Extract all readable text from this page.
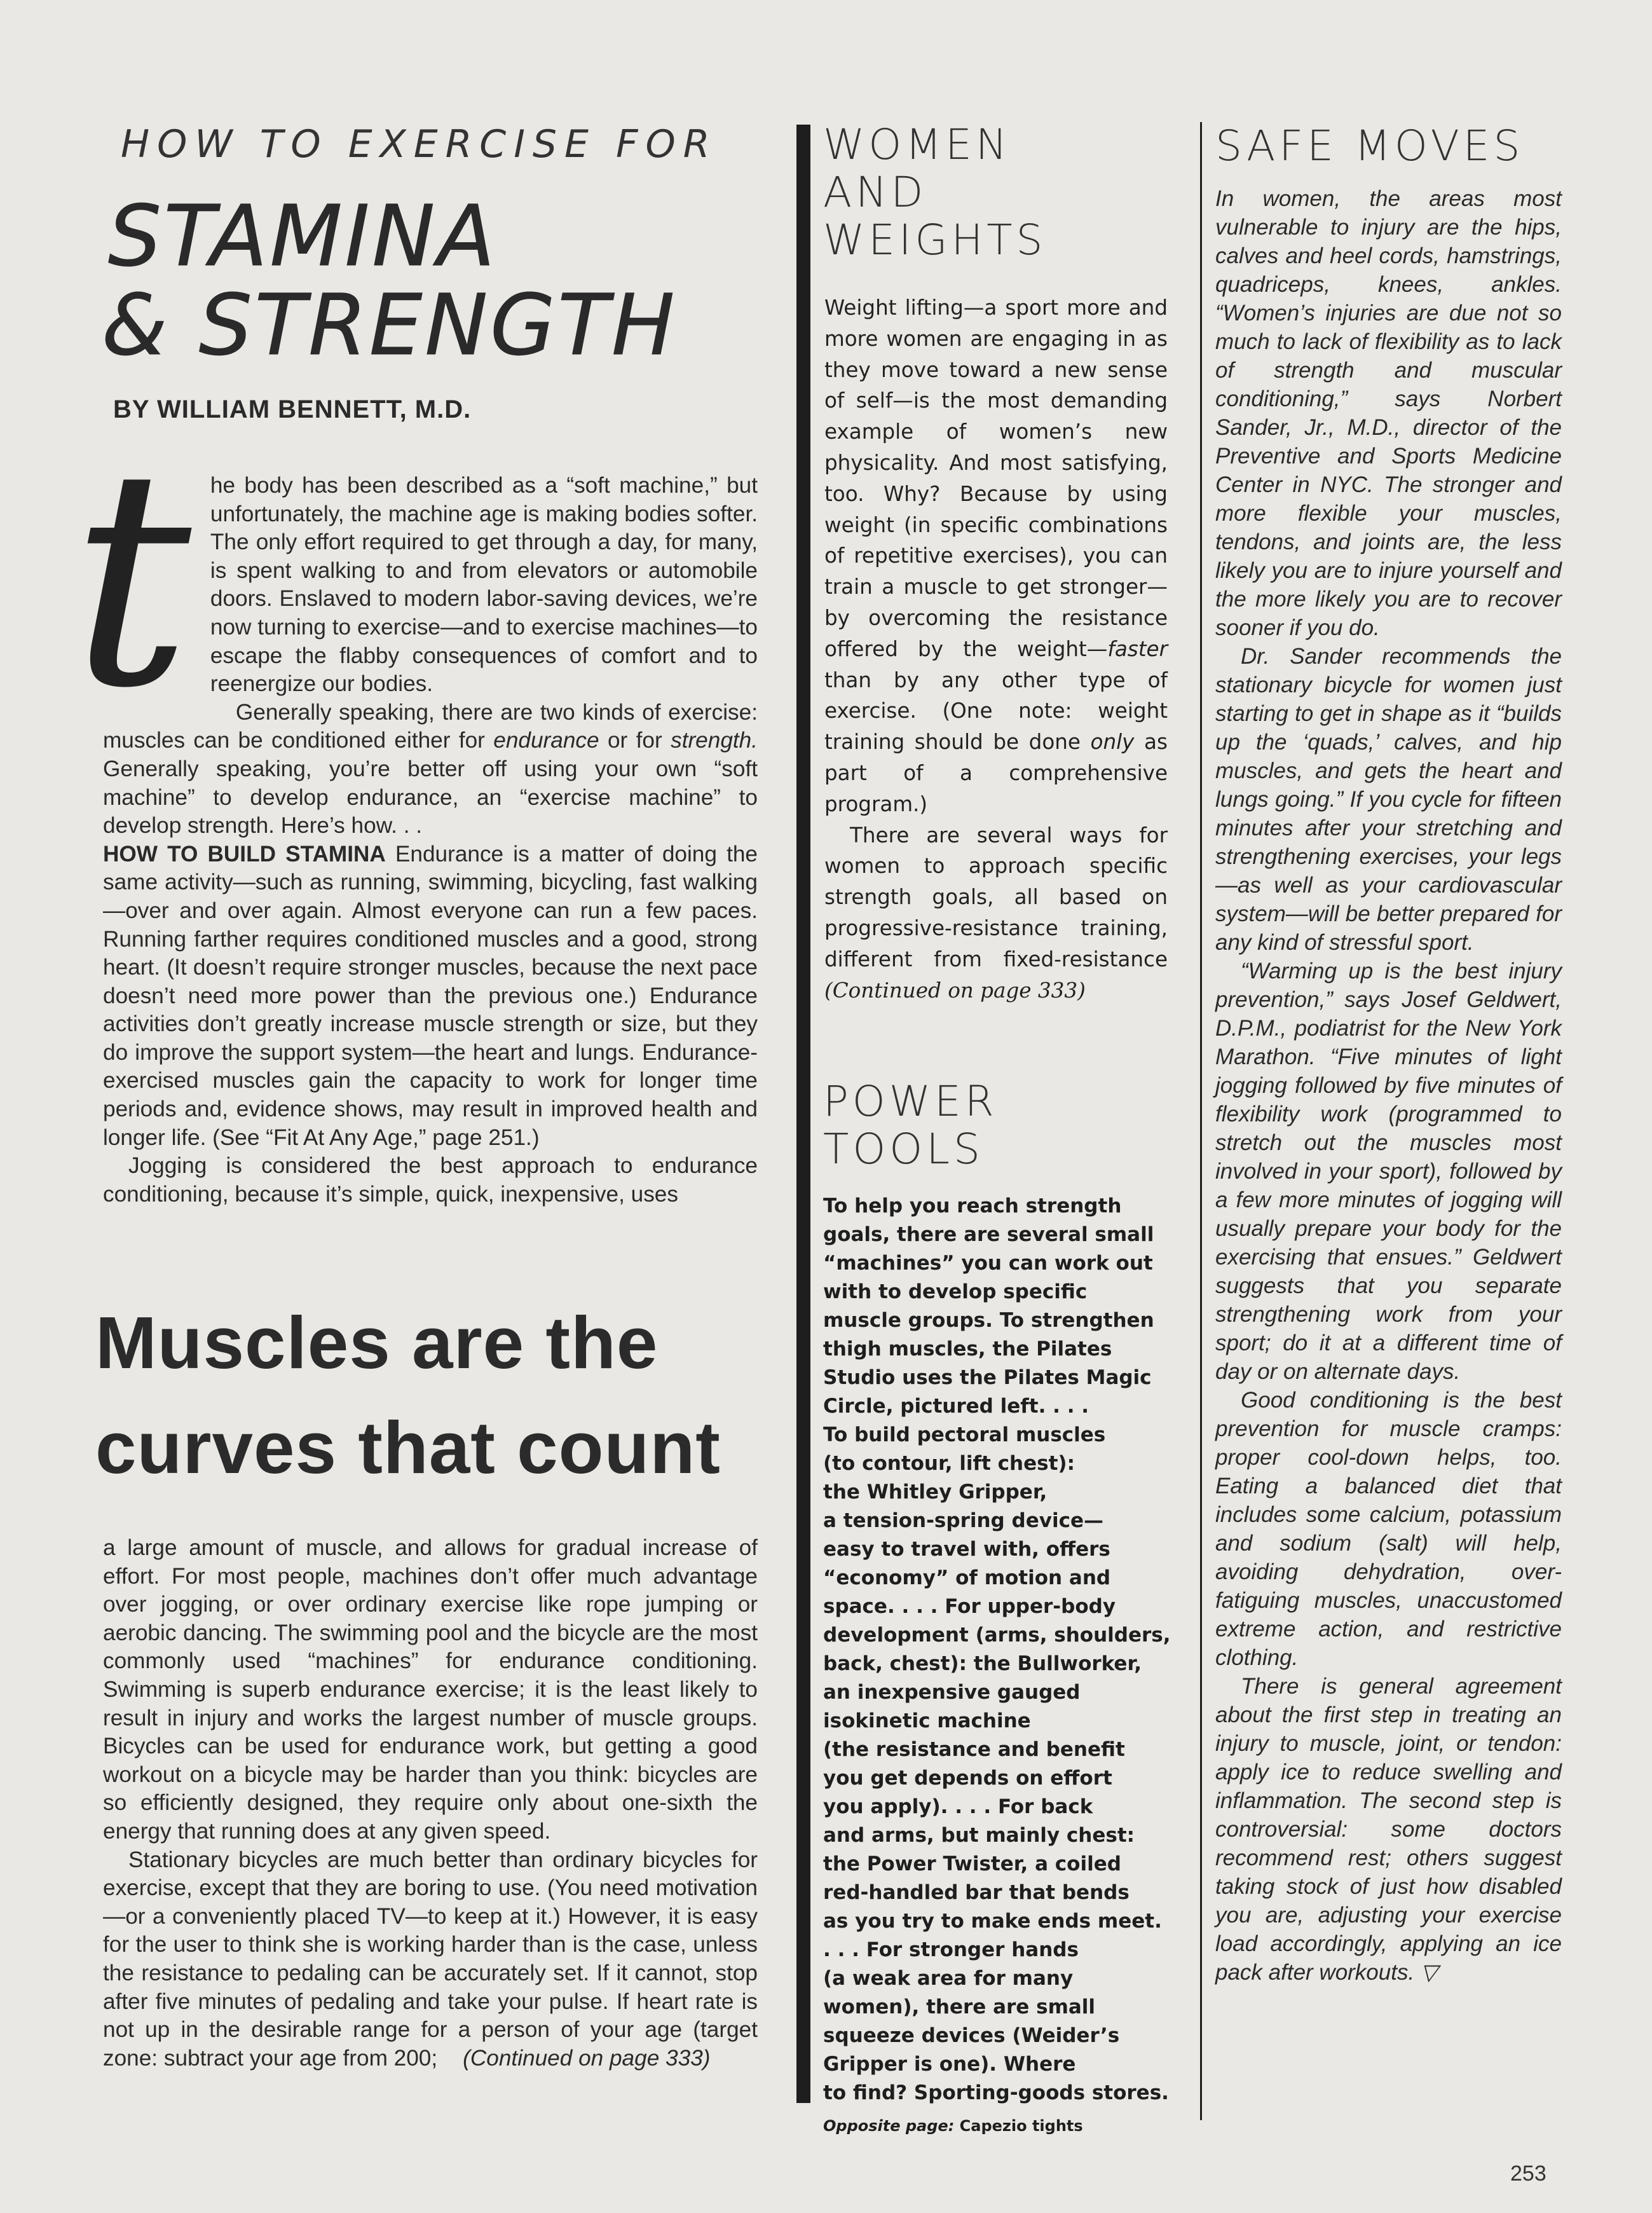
HOW TO EXERCISE FOR
STAMINA
& STRENGTH
BY WILLIAM BENNETT, M.D.
t he body has been described as a “soft machine,” but unfortunately, the machine age is making bodies softer. The only effort required to get through a day, for many, is spent walking to and from elevators or automobile doors. Enslaved to modern labor-saving devices, we’re now turning to exercise—and to exercise machines—to escape the flabby consequences of comfort and to reenergize our bodies.

Generally speaking, there are two kinds of exercise: muscles can be conditioned either for endurance or for strength. Generally speaking, you’re better off using your own “soft machine” to develop endurance, an “exercise machine” to develop strength. Here’s how. . .

HOW TO BUILD STAMINA Endurance is a matter of doing the same activity—such as running, swimming, bicycling, fast walking—over and over again. Almost everyone can run a few paces. Running farther requires conditioned muscles and a good, strong heart. (It doesn’t require stronger muscles, because the next pace doesn’t need more power than the previous one.) Endurance activities don’t greatly increase muscle strength or size, but they do improve the support system—the heart and lungs. Endurance-exercised muscles gain the capacity to work for longer time periods and, evidence shows, may result in improved health and longer life. (See “Fit At Any Age,” page 251.)

Jogging is considered the best approach to endurance conditioning, because it’s simple, quick, inexpensive, uses

Muscles are the
curves that count

a large amount of muscle, and allows for gradual increase of effort. For most people, machines don’t offer much advantage over jogging, or over ordinary exercise like rope jumping or aerobic dancing. The swimming pool and the bicycle are the most commonly used “machines” for endurance conditioning. Swimming is superb endurance exercise; it is the least likely to result in injury and works the largest number of muscle groups. Bicycles can be used for endurance work, but getting a good workout on a bicycle may be harder than you think: bicycles are so efficiently designed, they require only about one-sixth the energy that running does at any given speed.

Stationary bicycles are much better than ordinary bicycles for exercise, except that they are boring to use. (You need motivation—or a conveniently placed TV—to keep at it.) However, it is easy for the user to think she is working harder than is the case, unless the resistance to pedaling can be accurately set. If it cannot, stop after five minutes of pedaling and take your pulse. If heart rate is not up in the desirable range for a person of your age (target zone: subtract your age from 200; (Continued on page 333)

WOMEN
AND
WEIGHTS

Weight lifting—a sport more and more women are engaging in as they move toward a new sense of self—is the most demanding example of women’s new physicality. And most satisfying, too. Why? Because by using weight (in specific combinations of repetitive exercises), you can train a muscle to get stronger—by overcoming the resistance offered by the weight—faster than by any other type of exercise. (One note: weight training should be done only as part of a comprehensive program.)

There are several ways for women to approach specific strength goals, all based on progressive-resistance training, different from fixed-resistance (Continued on page 333)

POWER
TOOLS
To help you reach strength
goals, there are several small
“machines” you can work out
with to develop specific
muscle groups. To strengthen
thigh muscles, the Pilates
Studio uses the Pilates Magic
Circle, pictured left. . . .
To build pectoral muscles
(to contour, lift chest):
the Whitley Gripper,
a tension-spring device—
easy to travel with, offers
“economy” of motion and
space. . . . For upper-body
development (arms, shoulders,
back, chest): the Bullworker,
an inexpensive gauged
isokinetic machine
(the resistance and benefit
you get depends on effort
you apply). . . . For back
and arms, but mainly chest:
the Power Twister, a coiled
red-handled bar that bends
as you try to make ends meet.
. . . For stronger hands
(a weak area for many
women), there are small
squeeze devices (Weider’s
Gripper is one). Where
to find? Sporting-goods stores.
Opposite page: Capezio tights
SAFE MOVES

In women, the areas most vulnerable to injury are the hips, calves and heel cords, hamstrings, quadriceps, knees, ankles. “Women’s injuries are due not so much to lack of flexibility as to lack of strength and muscular conditioning,” says Norbert Sander, Jr., M.D., director of the Preventive and Sports Medicine Center in NYC. The stronger and more flexible your muscles, tendons, and joints are, the less likely you are to injure yourself and the more likely you are to recover sooner if you do.

Dr. Sander recommends the stationary bicycle for women just starting to get in shape as it “builds up the ‘quads,’ calves, and hip muscles, and gets the heart and lungs going.” If you cycle for fifteen minutes after your stretching and strengthening exercises, your legs—as well as your cardiovascular system—will be better prepared for any kind of stressful sport.

“Warming up is the best injury prevention,” says Josef Geldwert, D.P.M., podiatrist for the New York Marathon. “Five minutes of light jogging followed by five minutes of flexibility work (programmed to stretch out the muscles most involved in your sport), followed by a few more minutes of jogging will usually prepare your body for the exercising that ensues.” Geldwert suggests that you separate strengthening work from your sport; do it at a different time of day or on alternate days.

Good conditioning is the best prevention for muscle cramps: proper cool-down helps, too. Eating a balanced diet that includes some calcium, potassium and sodium (salt) will help, avoiding dehydration, over-fatiguing muscles, unaccustomed extreme action, and restrictive clothing.

There is general agreement about the first step in treating an injury to muscle, joint, or tendon: apply ice to reduce swelling and inflammation. The second step is controversial: some doctors recommend rest; others suggest taking stock of just how disabled you are, adjusting your exercise load accordingly, applying an ice pack after workouts. ▽

253
